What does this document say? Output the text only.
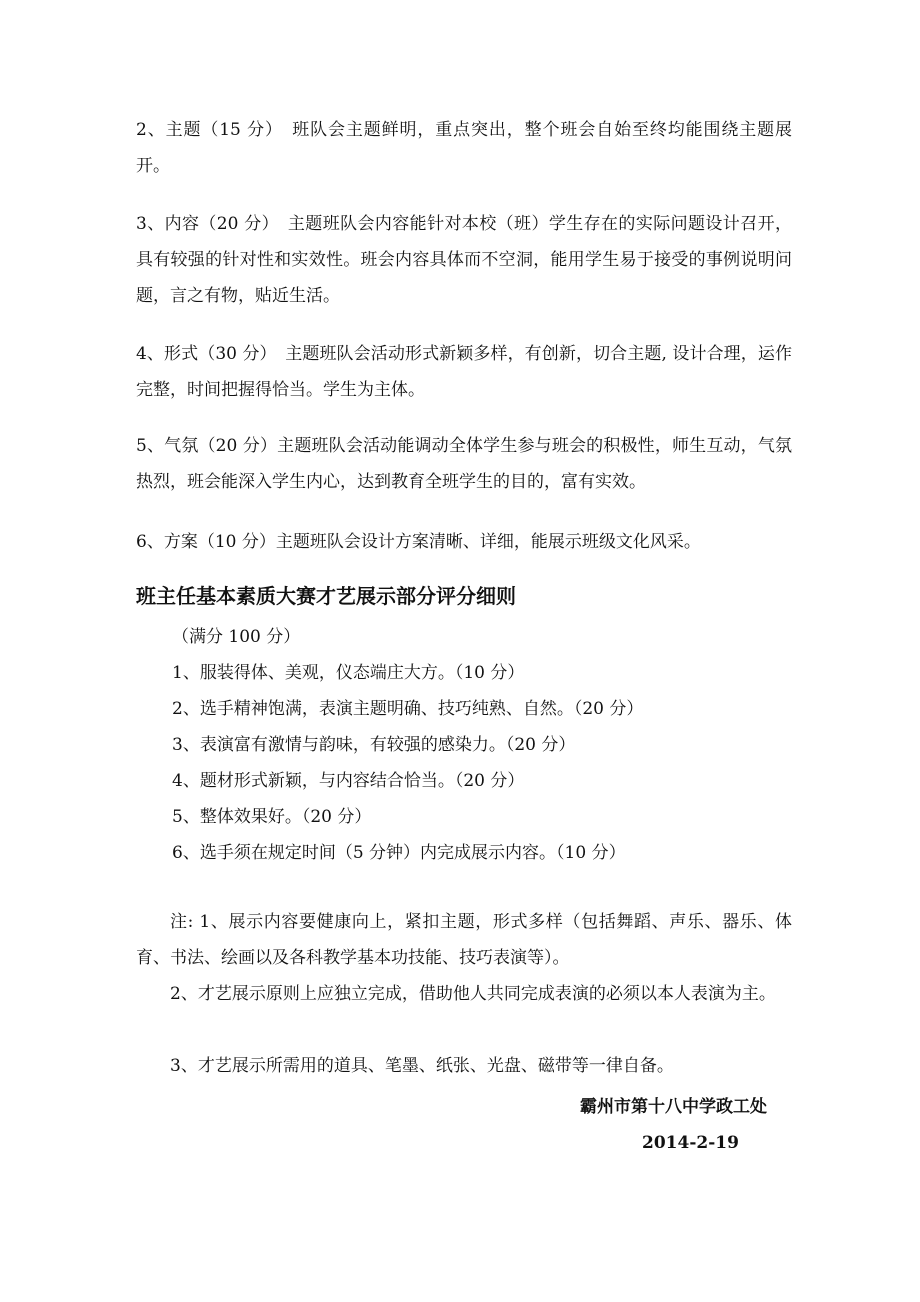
2、主题（15 分）　班队会主题鲜明，重点突出，整个班会自始至终均能围绕主题展开。

3、内容（20 分）　主题班队会内容能针对本校（班）学生存在的实际问题设计召开，具有较强的针对性和实效性。班会内容具体而不空洞，能用学生易于接受的事例说明问题，言之有物，贴近生活。

4、形式（30 分）　主题班队会活动形式新颖多样，有创新，切合主题, 设计合理，运作完整，时间把握得恰当。学生为主体。

5、气氛（20 分）主题班队会活动能调动全体学生参与班会的积极性，师生互动，气氛热烈，班会能深入学生内心，达到教育全班学生的目的，富有实效。

6、方案（10 分）主题班队会设计方案清晰、详细，能展示班级文化风采。

班主任基本素质大赛才艺展示部分评分细则

（满分 100 分）

1、服装得体、美观，仪态端庄大方。（10 分）

2、选手精神饱满，表演主题明确、技巧纯熟、自然。（20 分）

3、表演富有激情与韵味，有较强的感染力。（20 分）

4、题材形式新颖，与内容结合恰当。（20 分）

5、整体效果好。（20 分）

6、选手须在规定时间（5 分钟）内完成展示内容。（10 分）

注: 1、展示内容要健康向上，紧扣主题，形式多样（包括舞蹈、声乐、器乐、体育、书法、绘画以及各科教学基本功技能、技巧表演等）。

2、才艺展示原则上应独立完成，借助他人共同完成表演的必须以本人表演为主。

3、才艺展示所需用的道具、笔墨、纸张、光盘、磁带等一律自备。

霸州市第十八中学政工处

2014-2-19
